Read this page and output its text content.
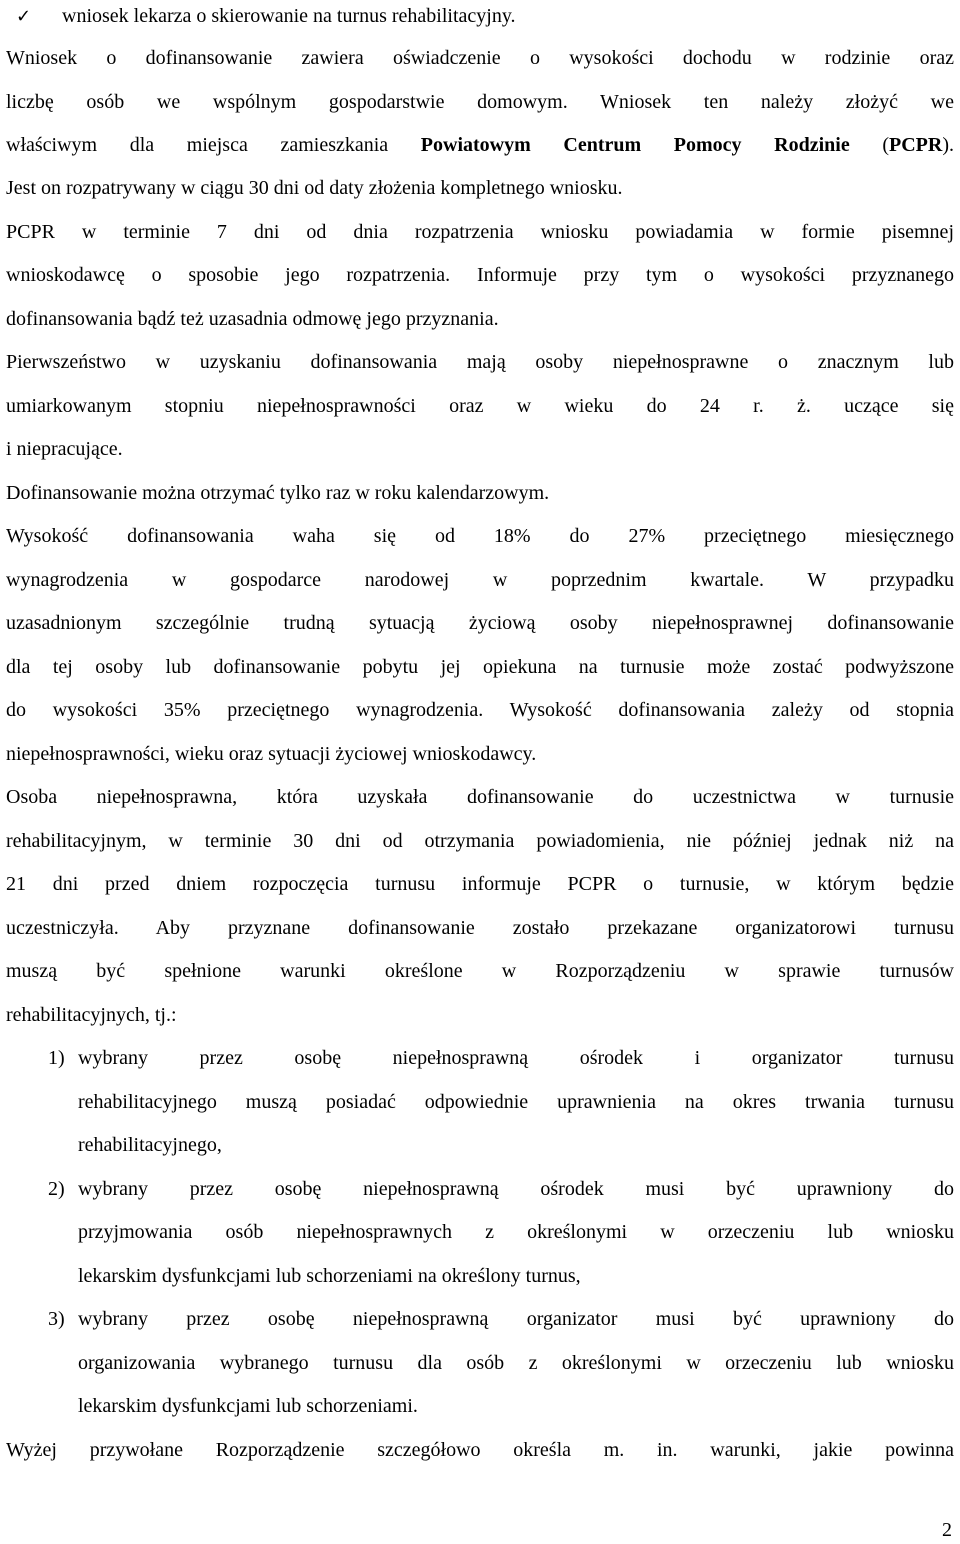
✓ wniosek lekarza o skierowanie na turnus rehabilitacyjny.
Wniosek o dofinansowanie zawiera oświadczenie o wysokości dochodu w rodzinie oraz
liczbę osób we wspólnym gospodarstwie domowym. Wniosek ten należy złożyć we
właściwym dla miejsca zamieszkania Powiatowym Centrum Pomocy Rodzinie (PCPR).
Jest on rozpatrywany w ciągu 30 dni od daty złożenia kompletnego wniosku.
PCPR w terminie 7 dni od dnia rozpatrzenia wniosku powiadamia w formie pisemnej
wnioskodawcę o sposobie jego rozpatrzenia. Informuje przy tym o wysokości przyznanego
dofinansowania bądź też uzasadnia odmowę jego przyznania.
Pierwszeństwo w uzyskaniu dofinansowania mają osoby niepełnosprawne o znacznym lub
umiarkowanym stopniu niepełnosprawności oraz w wieku do 24 r. ż. uczące się
i niepracujące.
Dofinansowanie można otrzymać tylko raz w roku kalendarzowym.
Wysokość dofinansowania waha się od 18% do 27% przeciętnego miesięcznego
wynagrodzenia w gospodarce narodowej w poprzednim kwartale. W przypadku
uzasadnionym szczególnie trudną sytuacją życiową osoby niepełnosprawnej dofinansowanie
dla tej osoby lub dofinansowanie pobytu jej opiekuna na turnusie może zostać podwyższone
do wysokości 35% przeciętnego wynagrodzenia. Wysokość dofinansowania zależy od stopnia
niepełnosprawności, wieku oraz sytuacji życiowej wnioskodawcy.
Osoba niepełnosprawna, która uzyskała dofinansowanie do uczestnictwa w turnusie
rehabilitacyjnym, w terminie 30 dni od otrzymania powiadomienia, nie później jednak niż na
21 dni przed dniem rozpoczęcia turnusu informuje PCPR o turnusie, w którym będzie
uczestniczyła. Aby przyznane dofinansowanie zostało przekazane organizatorowi turnusu
muszą być spełnione warunki określone w Rozporządzeniu w sprawie turnusów
rehabilitacyjnych, tj.:
1) wybrany przez osobę niepełnosprawną ośrodek i organizator turnusu
rehabilitacyjnego muszą posiadać odpowiednie uprawnienia na okres trwania turnusu
rehabilitacyjnego,
2) wybrany przez osobę niepełnosprawną ośrodek musi być uprawniony do
przyjmowania osób niepełnosprawnych z określonymi w orzeczeniu lub wniosku
lekarskim dysfunkcjami lub schorzeniami na określony turnus,
3) wybrany przez osobę niepełnosprawną organizator musi być uprawniony do
organizowania wybranego turnusu dla osób z określonymi w orzeczeniu lub wniosku
lekarskim dysfunkcjami lub schorzeniami.
Wyżej przywołane Rozporządzenie szczegółowo określa m. in. warunki, jakie powinna
2
